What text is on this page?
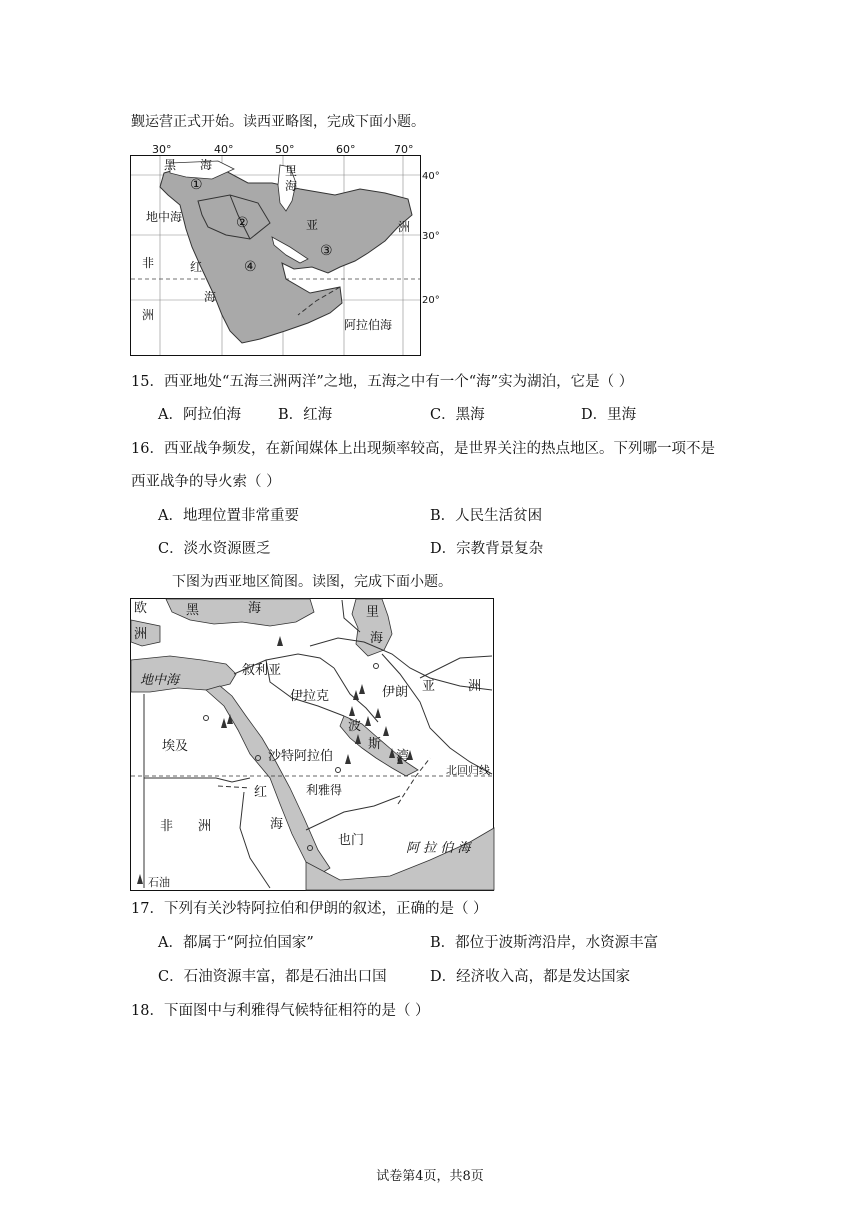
觐运营正式开始。读西亚略图，完成下面小题。
30°	40°	50°	60°	70°
40°
30°
20°
黑 海	里
海
地中海
非
洲
红
海
亚	洲
阿拉伯海
①
②
③
④
15．西亚地处“五海三洲两洋”之地，五海之中有一个“海”实为湖泊，它是（ ）
A．阿拉伯海	B．红海	C．黑海	D．里海
16．西亚战争频发，在新闻媒体上出现频率较高，是世界关注的热点地区。下列哪一项不是
西亚战争的导火索（ ）
A．地理位置非常重要	B．人民生活贫困
C．淡水资源匮乏	D．宗教背景复杂
下图为西亚地区简图。读图，完成下面小题。
欧
洲
黑	海	里
海
地中海
叙利亚
伊拉克	伊朗 亚	洲
埃及
沙特阿拉伯
利雅得
波
斯
湾
北回归线
红
海
非 洲
也门
阿 拉 伯 海
石油
17．下列有关沙特阿拉伯和伊朗的叙述，正确的是（ ）
A．都属于“阿拉伯国家”	B．都位于波斯湾沿岸，水资源丰富
C．石油资源丰富，都是石油出口国	D．经济收入高，都是发达国家
18．下面图中与利雅得气候特征相符的是（ ）
试卷第4页，共8页
